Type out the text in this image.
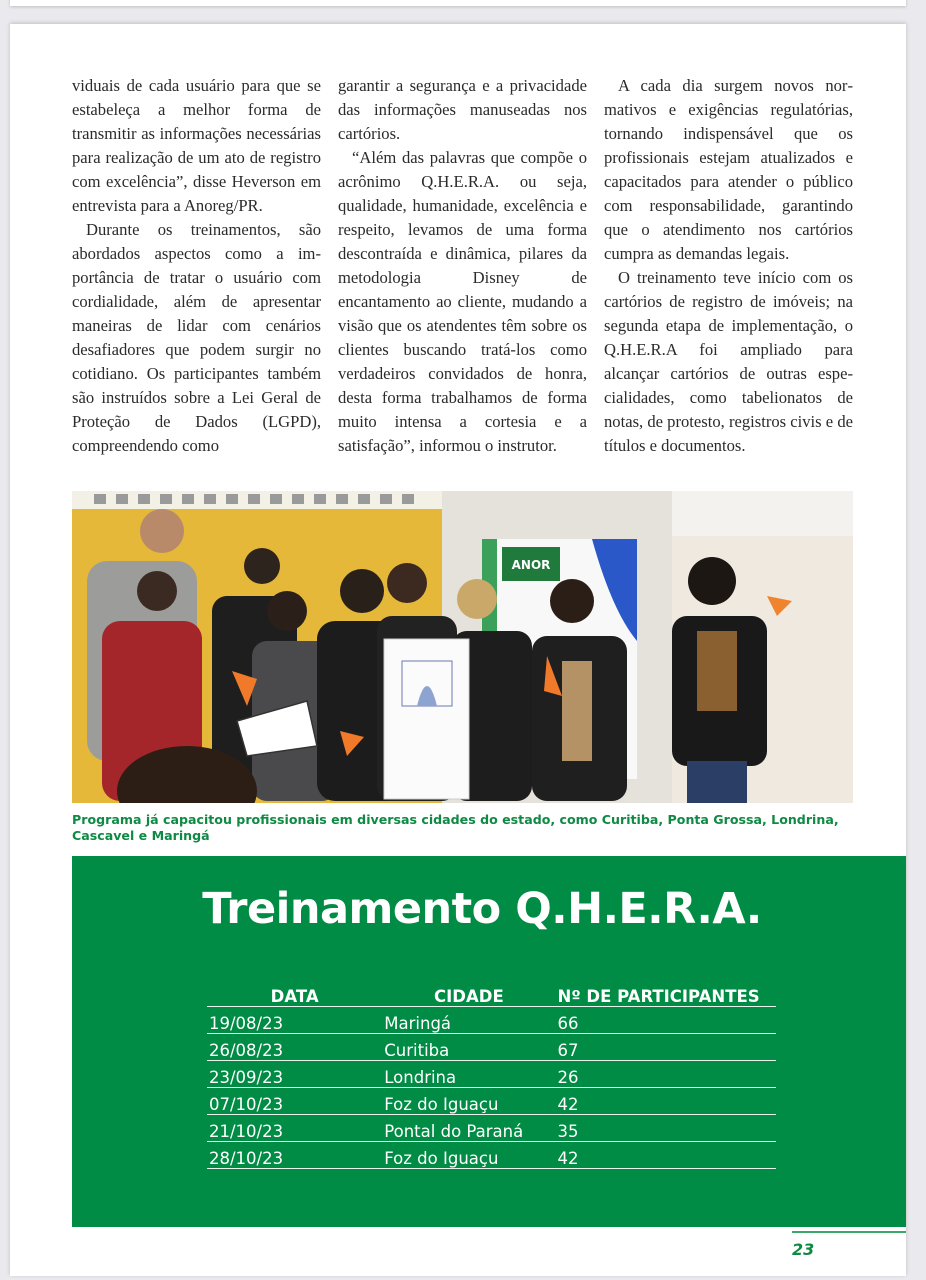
viduais de cada usuário para que se estabeleça a melhor forma de transmitir as informações necessárias para realização de um ato de registro com excelência”, disse Heverson em entrevista para a Anoreg/PR.

Durante os treinamentos, são abordados aspectos como a importância de tratar o usuário com cordialidade, além de apresentar maneiras de lidar com cenários desafiadores que podem surgir no cotidiano. Os participantes também são instruídos sobre a Lei Geral de Proteção de Dados (LGPD), compreendendo como

garantir a segurança e a privacidade das informações manuseadas nos cartórios.

“Além das palavras que compõe o acrônimo Q.H.E.R.A. ou seja, qualidade, humanidade, excelência e respeito, levamos de uma forma descontraída e dinâmica, pilares da metodologia Disney de encantamento ao cliente, mudando a visão que os atendentes têm sobre os clientes buscando tratá-los como verdadeiros convidados de honra, desta forma trabalhamos de forma muito intensa a cortesia e a satisfação”, informou o instrutor.

A cada dia surgem novos normativos e exigências regulatórias, tornando indispensável que os profissionais estejam atualizados e capacitados para atender o público com responsabilidade, garantindo que o atendimento nos cartórios cumpra as demandas legais.

O treinamento teve início com os cartórios de registro de imóveis; na segunda etapa de implementação, o Q.H.E.R.A foi ampliado para alcançar cartórios de outras especialidades, como tabelionatos de notas, de protesto, registros civis e de títulos e documentos.

ANOR
Programa já capacitou profissionais em diversas cidades do estado, como Curitiba, Ponta Grossa, Londrina, Cascavel e Maringá
Treinamento Q.H.E.R.A.
DATA	CIDADE	Nº DE PARTICIPANTES
19/08/23	Maringá	66
26/08/23	Curitiba	67
23/09/23	Londrina	26
07/10/23	Foz do Iguaçu	42
21/10/23	Pontal do Paraná	35
28/10/23	Foz do Iguaçu	42
23
